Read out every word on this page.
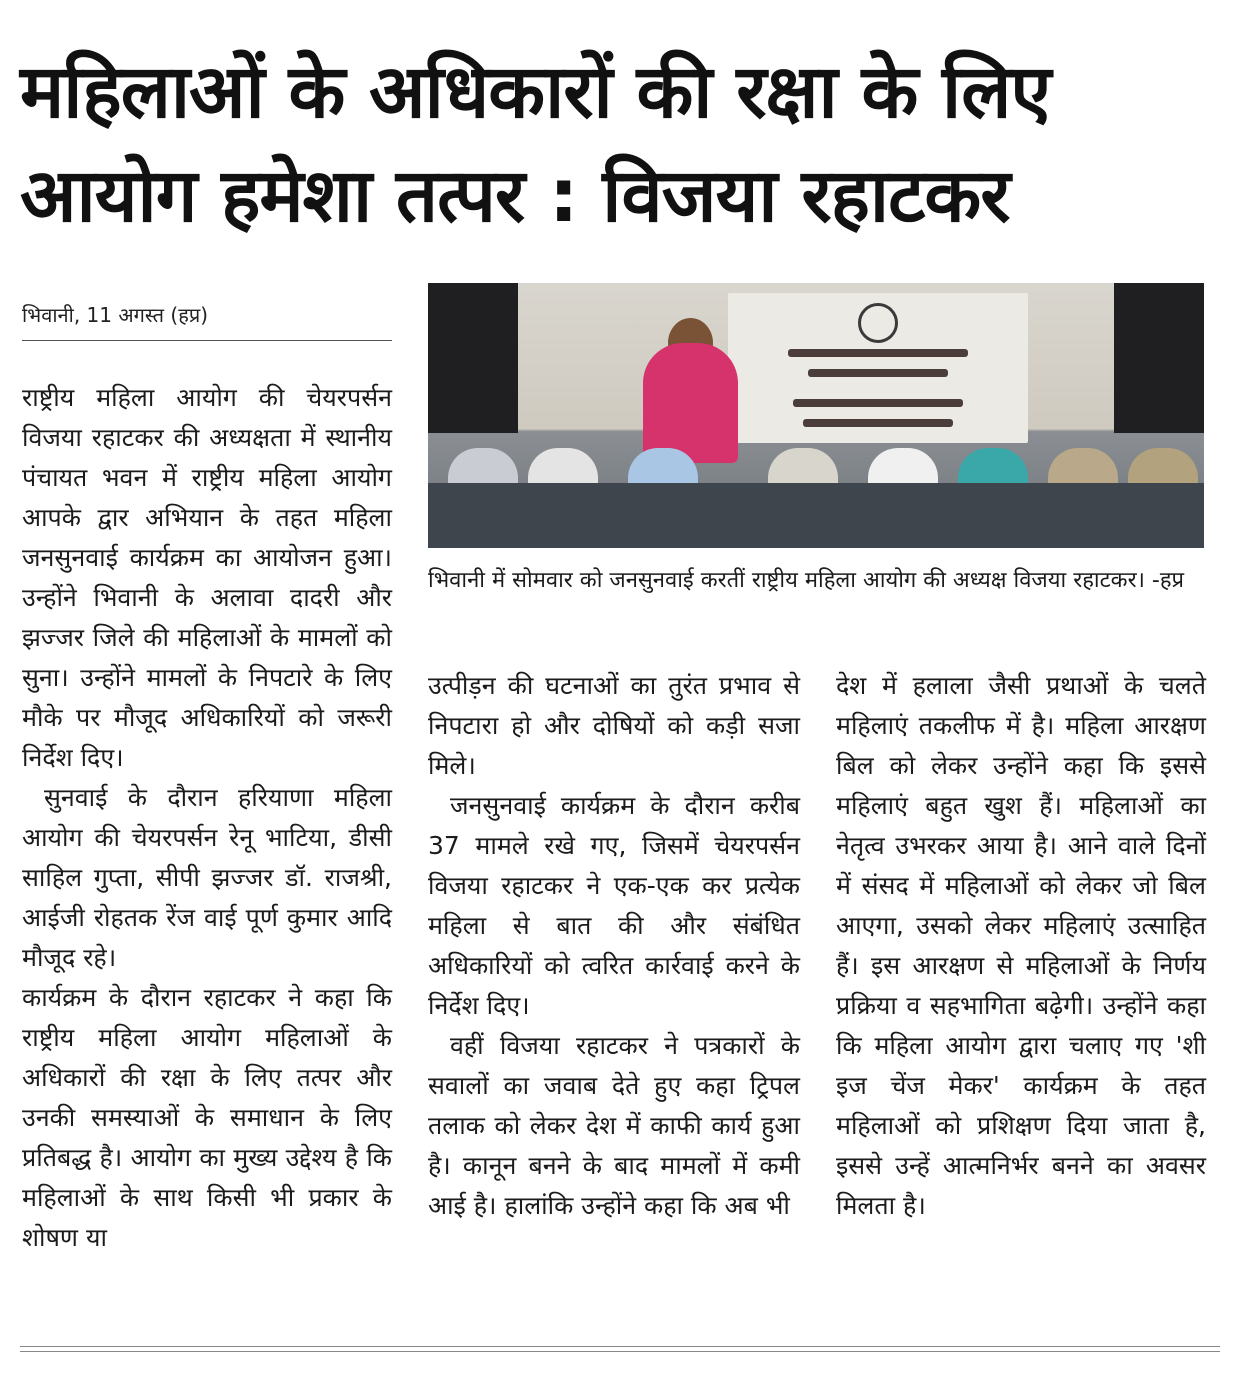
महिलाओं के अधिकारों की रक्षा के लिए
आयोग हमेशा तत्पर : विजया रहाटकर
भिवानी, 11 अगस्त (हप्र)
भिवानी में सोमवार को जनसुनवाई करतीं राष्ट्रीय महिला आयोग की अध्यक्ष विजया रहाटकर। -हप्र

राष्ट्रीय महिला आयोग की चेयरपर्सन विजया रहाटकर की अध्यक्षता में स्थानीय पंचायत भवन में राष्ट्रीय महिला आयोग आपके द्वार अभियान के तहत महिला जनसुनवाई कार्यक्रम का आयोजन हुआ। उन्होंने भिवानी के अलावा दादरी और झज्जर जिले की महिलाओं के मामलों को सुना। उन्होंने मामलों के निपटारे के लिए मौके पर मौजूद अधिकारियों को जरूरी निर्देश दिए।

सुनवाई के दौरान हरियाणा महिला आयोग की चेयरपर्सन रेनू भाटिया, डीसी साहिल गुप्ता, सीपी झज्जर डॉ. राजश्री, आईजी रोहतक रेंज वाई पूर्ण कुमार आदि मौजूद रहे।

कार्यक्रम के दौरान रहाटकर ने कहा कि राष्ट्रीय महिला आयोग महिलाओं के अधिकारों की रक्षा के लिए तत्पर और उनकी समस्याओं के समाधान के लिए प्रतिबद्ध है। आयोग का मुख्य उद्देश्य है कि महिलाओं के साथ किसी भी प्रकार के शोषण या

उत्पीड़न की घटनाओं का तुरंत प्रभाव से निपटारा हो और दोषियों को कड़ी सजा मिले।

जनसुनवाई कार्यक्रम के दौरान करीब 37 मामले रखे गए, जिसमें चेयरपर्सन विजया रहाटकर ने एक-एक कर प्रत्येक महिला से बात की और संबंधित अधिकारियों को त्वरित कार्रवाई करने के निर्देश दिए।

वहीं विजया रहाटकर ने पत्रकारों के सवालों का जवाब देते हुए कहा ट्रिपल तलाक को लेकर देश में काफी कार्य हुआ है। कानून बनने के बाद मामलों में कमी आई है। हालांकि उन्होंने कहा कि अब भी

देश में हलाला जैसी प्रथाओं के चलते महिलाएं तकलीफ में है। महिला आरक्षण बिल को लेकर उन्होंने कहा कि इससे महिलाएं बहुत खुश हैं। महिलाओं का नेतृत्व उभरकर आया है। आने वाले दिनों में संसद में महिलाओं को लेकर जो बिल आएगा, उसको लेकर महिलाएं उत्साहित हैं। इस आरक्षण से महिलाओं के निर्णय प्रक्रिया व सहभागिता बढ़ेगी। उन्होंने कहा कि महिला आयोग द्वारा चलाए गए 'शी इज चेंज मेकर' कार्यक्रम के तहत महिलाओं को प्रशिक्षण दिया जाता है, इससे उन्हें आत्मनिर्भर बनने का अवसर मिलता है।
